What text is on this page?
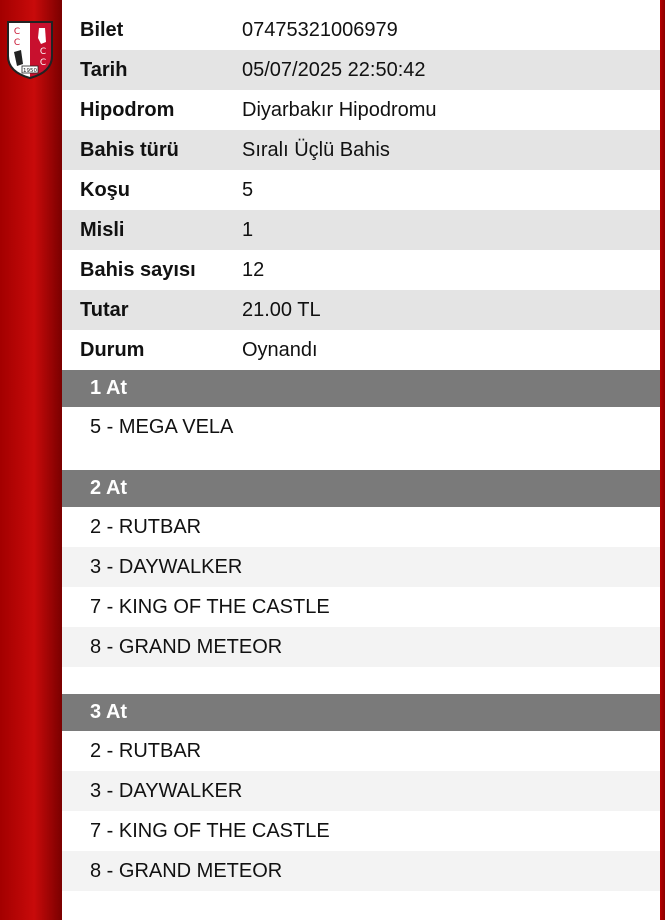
C
C
C
C
1950
Bilet	07475321006979
Tarih	05/07/2025 22:50:42
Hipodrom	Diyarbakır Hipodromu
Bahis türü	Sıralı Üçlü Bahis
Koşu	5
Misli	1
Bahis sayısı	12
Tutar	21.00 TL
Durum	Oynandı
1 At
5 - MEGA VELA
2 At
2 - RUTBAR
3 - DAYWALKER
7 - KING OF THE CASTLE
8 - GRAND METEOR
3 At
2 - RUTBAR
3 - DAYWALKER
7 - KING OF THE CASTLE
8 - GRAND METEOR
